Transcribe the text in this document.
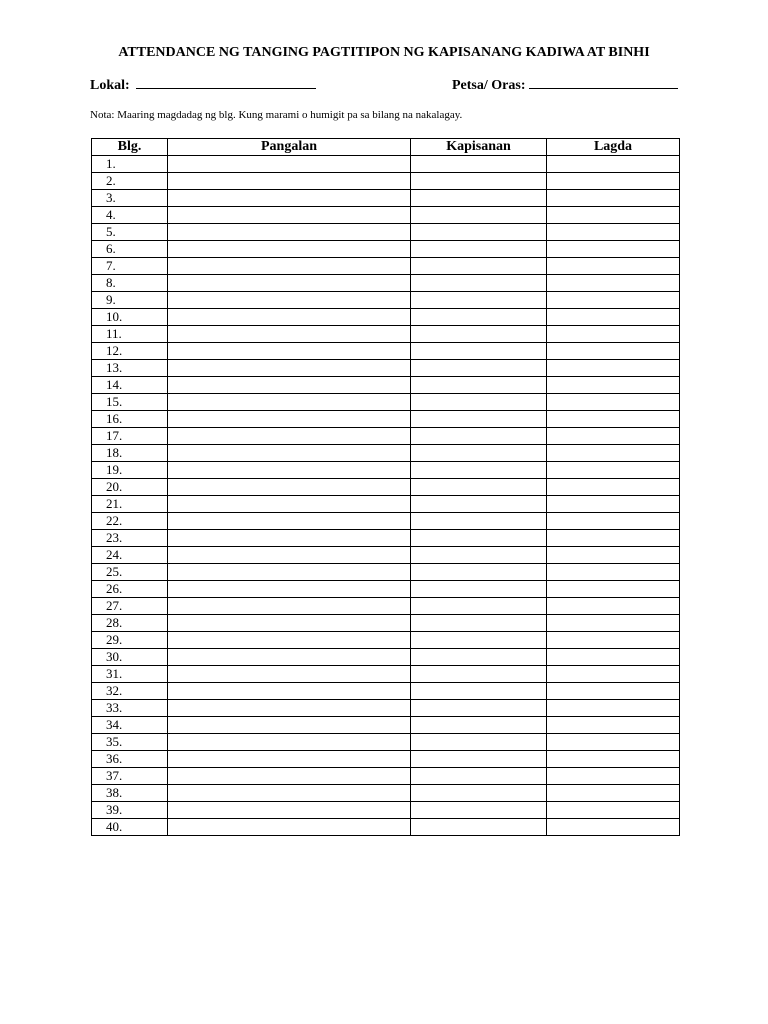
ATTENDANCE NG TANGING PAGTITIPON NG KAPISANANG KADIWA AT BINHI
Lokal:	Petsa/ Oras:
Nota: Maaring magdadag ng blg. Kung marami o humigit pa sa bilang na nakalagay.
Blg.	Pangalan	Kapisanan	Lagda
1.			
2.			
3.			
4.			
5.			
6.			
7.			
8.			
9.			
10.			
11.			
12.			
13.			
14.			
15.			
16.			
17.			
18.			
19.			
20.			
21.			
22.			
23.			
24.			
25.			
26.			
27.			
28.			
29.			
30.			
31.			
32.			
33.			
34.			
35.			
36.			
37.			
38.			
39.			
40.			
